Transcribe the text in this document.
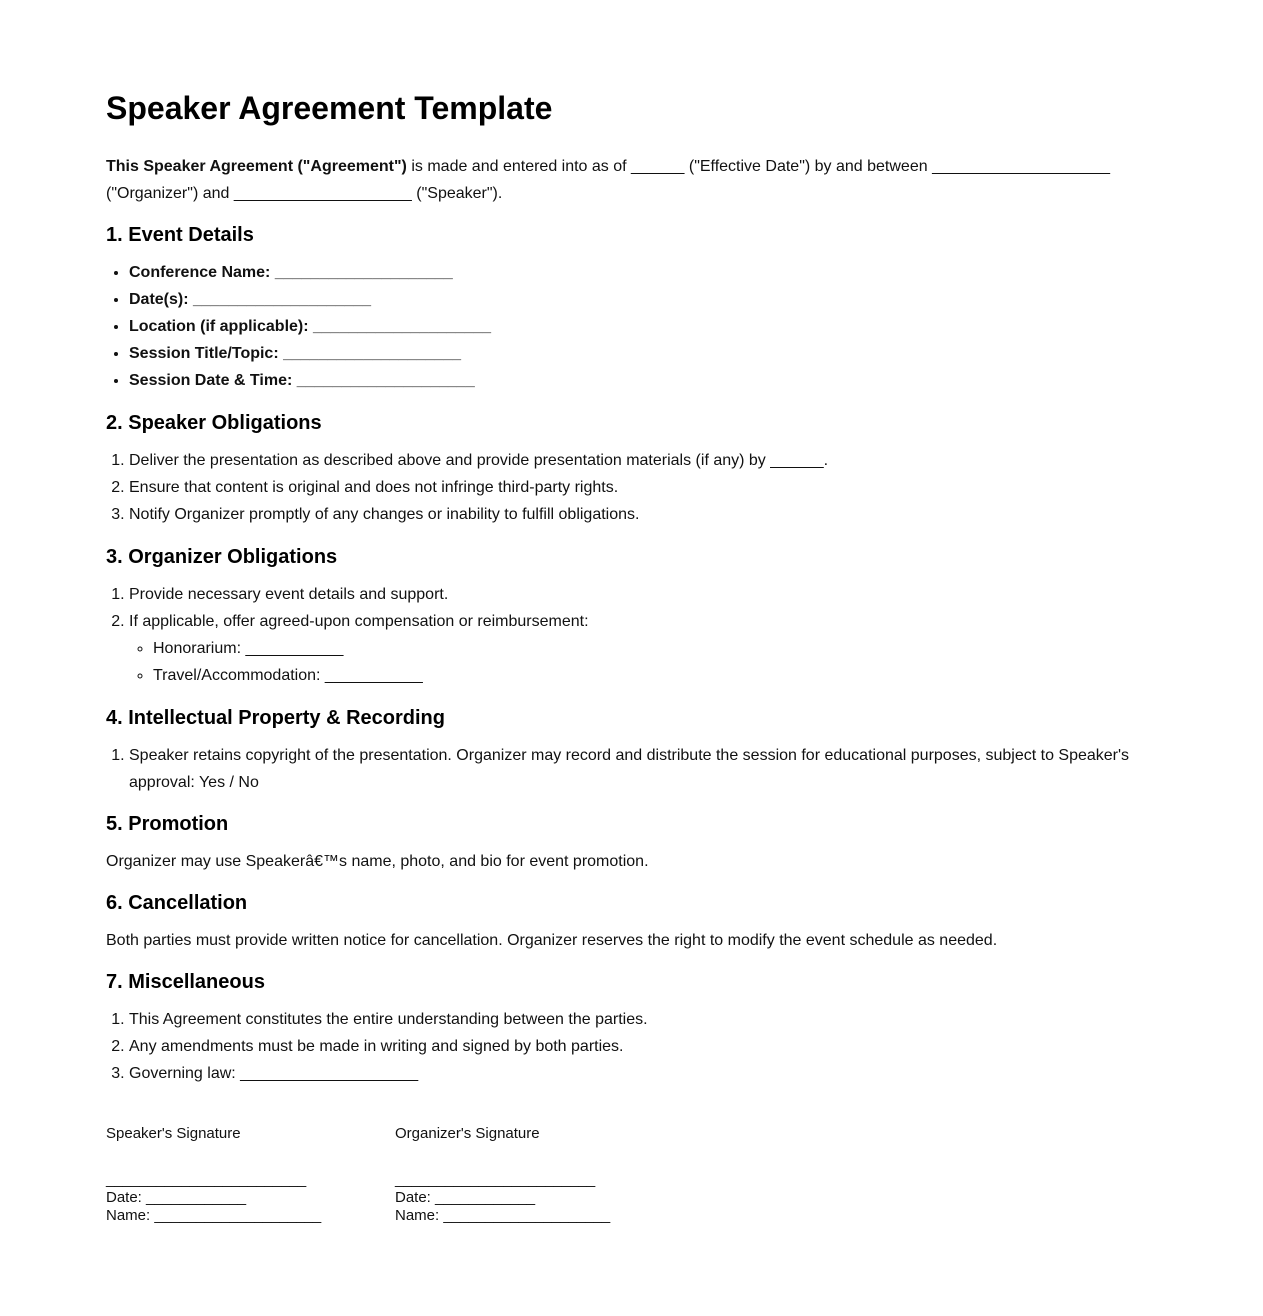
Speaker Agreement Template

This Speaker Agreement ("Agreement") is made and entered into as of ______ ("Effective Date") by and between ____________________ ("Organizer") and ____________________ ("Speaker").

1. Event Details
• Conference Name: ____________________
• Date(s): ____________________
• Location (if applicable): ____________________
• Session Title/Topic: ____________________
• Session Date & Time: ____________________
2. Speaker Obligations
1. Deliver the presentation as described above and provide presentation materials (if any) by ______.
2. Ensure that content is original and does not infringe third-party rights.
3. Notify Organizer promptly of any changes or inability to fulfill obligations.
3. Organizer Obligations
1. Provide necessary event details and support.
2. If applicable, offer agreed-upon compensation or reimbursement:
◦ Honorarium: ___________
◦ Travel/Accommodation: ___________
4. Intellectual Property & Recording
1. Speaker retains copyright of the presentation. Organizer may record and distribute the session for educational purposes, subject to Speaker's approval: Yes / No
5. Promotion

Organizer may use Speakerâ€™s name, photo, and bio for event promotion.

6. Cancellation

Both parties must provide written notice for cancellation. Organizer reserves the right to modify the event schedule as needed.

7. Miscellaneous
1. This Agreement constitutes the entire understanding between the parties.
2. Any amendments must be made in writing and signed by both parties.
3. Governing law: ____________________
Speaker's Signature
________________________
Date: ____________
Name: ____________________
Organizer's Signature
________________________
Date: ____________
Name: ____________________
